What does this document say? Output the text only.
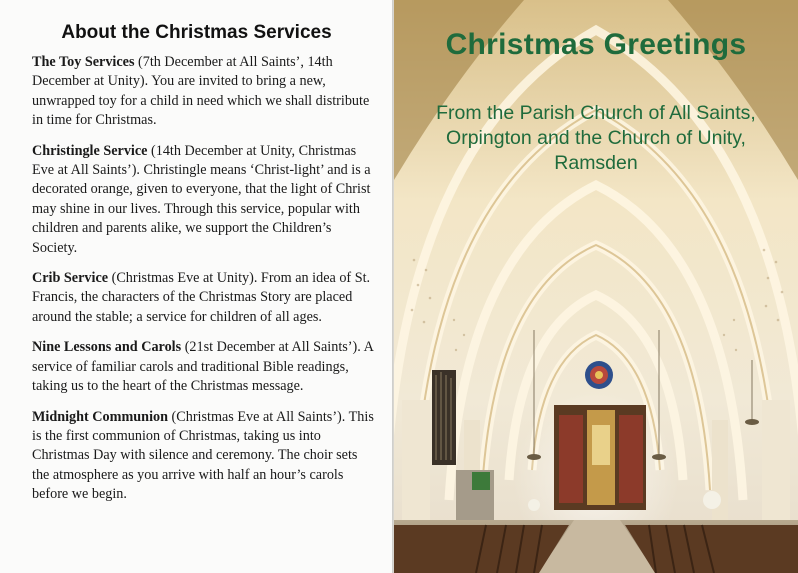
About the Christmas Services

The Toy Services (7th December at All Saints’, 14th December at Unity). You are invited to bring a new, unwrapped toy for a child in need which we shall distribute in time for Christmas.

Christingle Service (14th December at Unity, Christmas Eve at All Saints’). Christingle means ‘Christ-light’ and is a decorated orange, given to everyone, that the light of Christ may shine in our lives. Through this service, popular with children and parents alike, we support the Children’s Society.

Crib Service (Christmas Eve at Unity). From an idea of St. Francis, the characters of the Christmas Story are placed around the stable; a service for children of all ages.

Nine Lessons and Carols (21st December at All Saints’). A service of familiar carols and traditional Bible readings, taking us to the heart of the Christmas message.

Midnight Communion (Christmas Eve at All Saints’). This is the first communion of Christmas, taking us into Christmas Day with silence and ceremony. The choir sets the atmosphere as you arrive with half an hour’s carols before we begin.

Christmas Greetings
From the Parish Church of All Saints, Orpington and the Church of Unity, Ramsden
